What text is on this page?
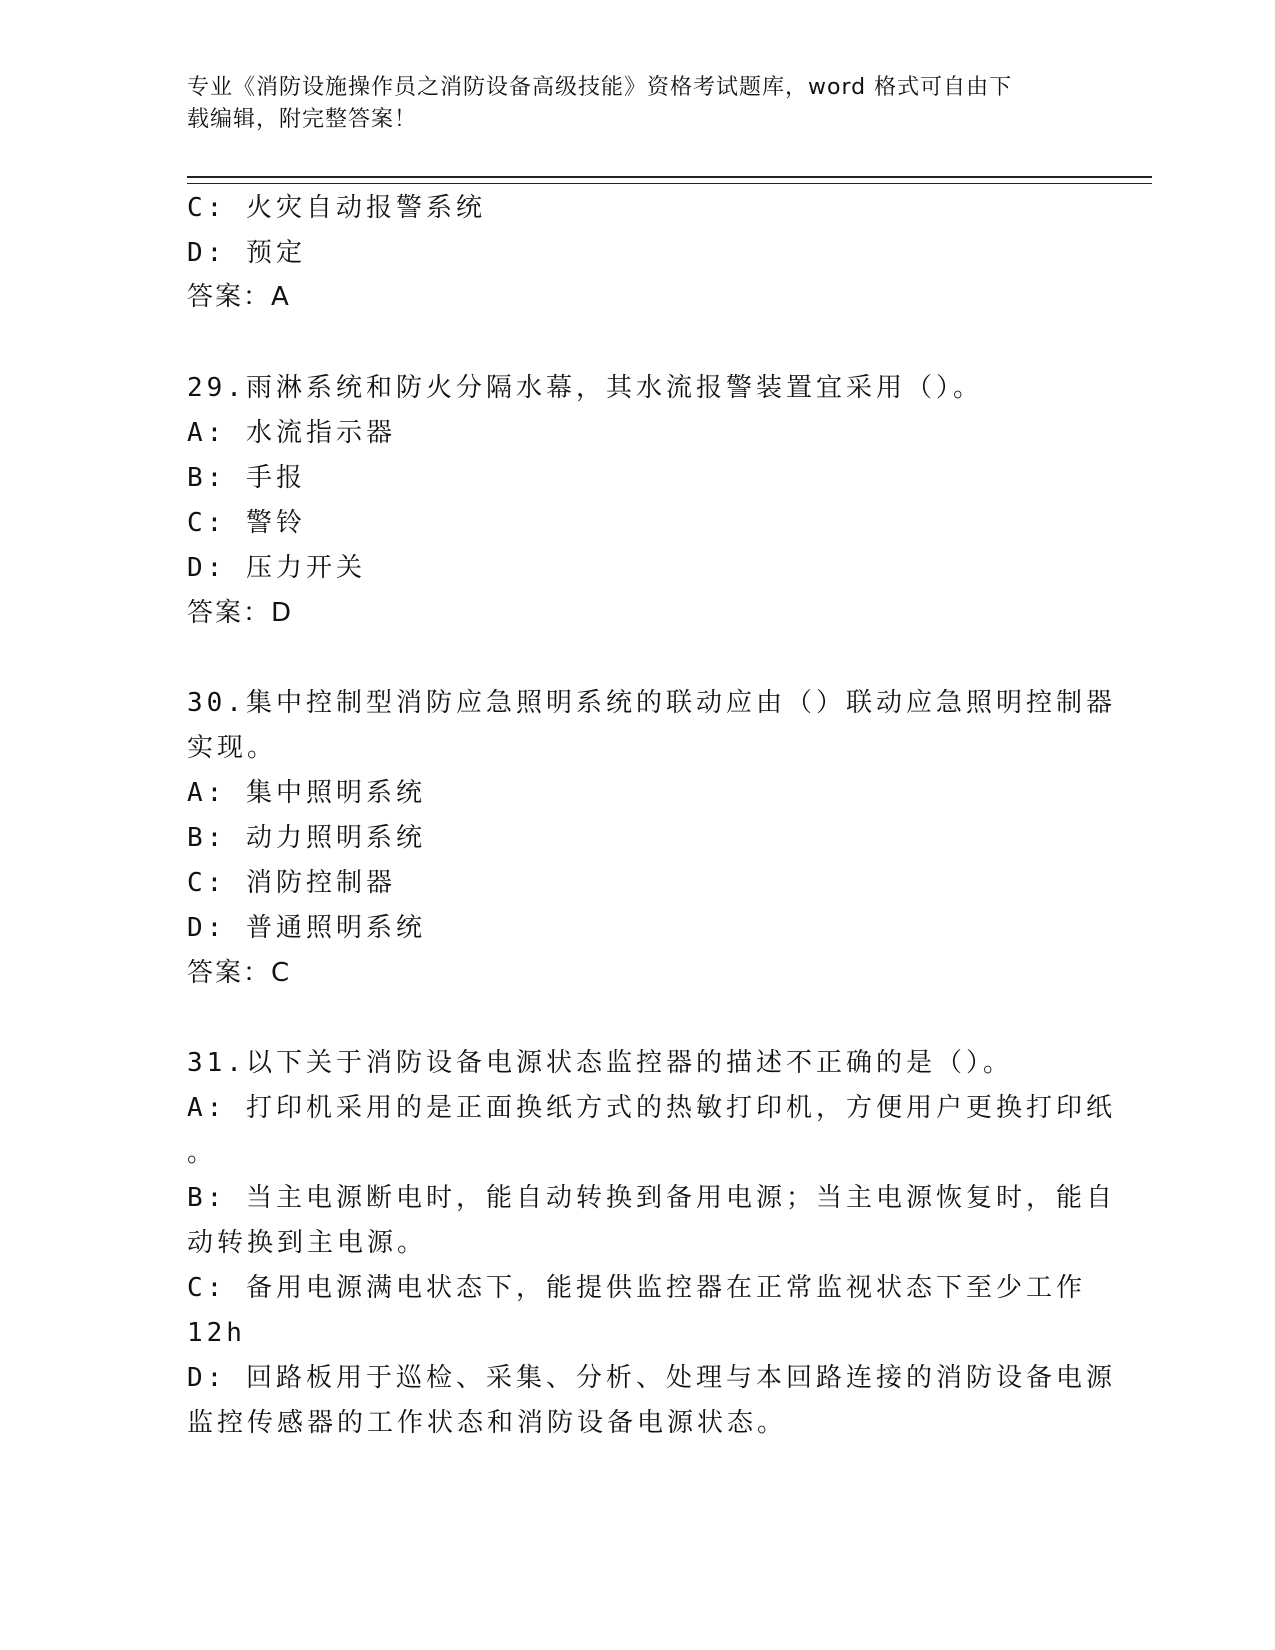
专业《消防设施操作员之消防设备高级技能》资格考试题库，word 格式可自由下
载编辑，附完整答案！
C: 火灾自动报警系统
D: 预定
答案：A
29.雨淋系统和防火分隔水幕，其水流报警装置宜采用（）。
A: 水流指示器
B: 手报
C: 警铃
D: 压力开关
答案：D
30.集中控制型消防应急照明系统的联动应由（）联动应急照明控制器
实现。
A: 集中照明系统
B: 动力照明系统
C: 消防控制器
D: 普通照明系统
答案：C
31.以下关于消防设备电源状态监控器的描述不正确的是（）。
A: 打印机采用的是正面换纸方式的热敏打印机，方便用户更换打印纸
。
B: 当主电源断电时，能自动转换到备用电源；当主电源恢复时，能自
动转换到主电源。
C: 备用电源满电状态下，能提供监控器在正常监视状态下至少工作
12h
D: 回路板用于巡检、采集、分析、处理与本回路连接的消防设备电源
监控传感器的工作状态和消防设备电源状态。
